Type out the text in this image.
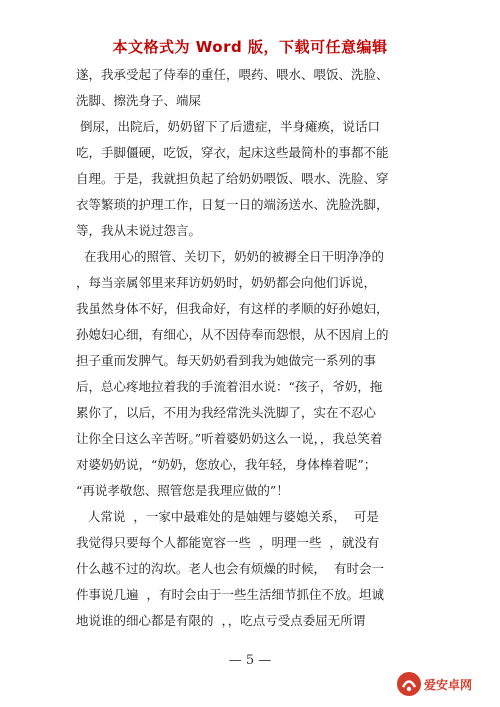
本文格式为 Word 版，下载可任意编辑
遂，我承受起了侍奉的重任，喂药、喂水、喂饭、洗脸、
洗脚、擦洗身子、端屎
倒尿，出院后，奶奶留下了后遗症，半身瘫痪，说话口
吃，手脚僵硬，吃饭，穿衣，起床这些最简朴的事都不能
自理。于是，我就担负起了给奶奶喂饭、喂水、洗脸、穿
衣等繁琐的护理工作，日复一日的端汤送水、洗脸洗脚，
等，我从未说过怨言。
在我用心的照管、关切下，奶奶的被褥全日干明净净的
，每当亲属邻里来拜访奶奶时，奶奶都会向他们诉说，
我虽然身体不好，但我命好，有这样的孝顺的好孙媳妇，
孙媳妇心细，有细心，从不因侍奉而怨恨，从不因肩上的
担子重而发脾气。每天奶奶看到我为她做完一系列的事
后，总心疼地拉着我的手流着泪水说：“孩子，爷奶，拖
累你了，以后，不用为我经常洗头洗脚了，实在不忍心
让你全日这么辛苦呀。”听着婆奶奶这么一说，，我总笑着
对婆奶奶说，“奶奶，您放心，我年轻，身体棒着呢”；
“再说孝敬您、照管您是我理应做的”！
人常说  ，一家中最难处的是妯娌与婆媳关系，  可是
我觉得只要每个人都能宽容一些  ，明理一些  ，就没有
什么越不过的沟坎。老人也会有烦燥的时候，  有时会一
件事说几遍  ，有时会由于一些生活细节抓住不放。坦诚
地说谁的细心都是有限的  ，，吃点亏受点委屈无所谓
— 5 —
爱安卓网
